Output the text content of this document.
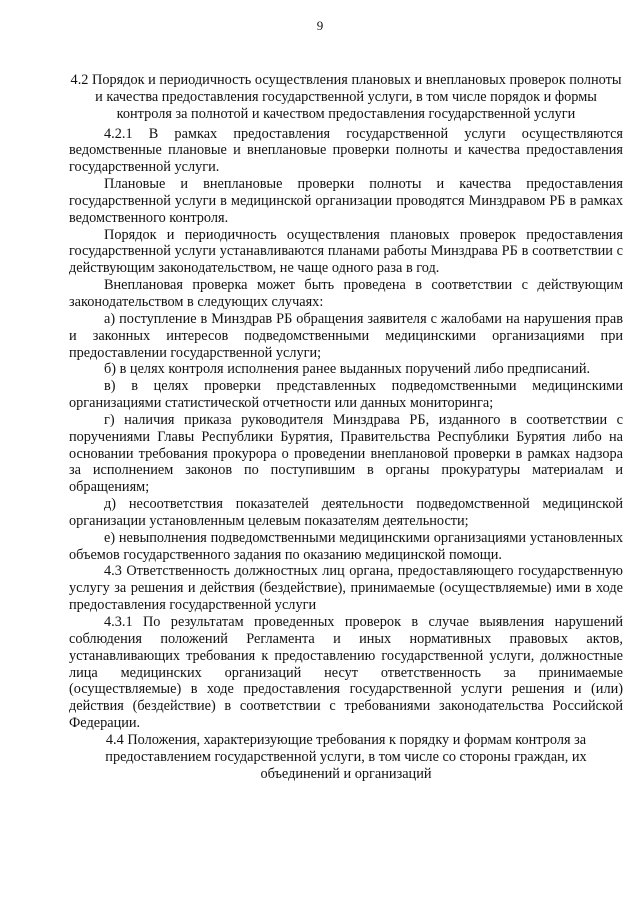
9

4.2 Порядок и периодичность осуществления плановых и внеплановых проверок полноты и качества предоставления государственной услуги, в том числе порядок и формы контроля за полнотой и качеством предоставления государственной услуги

4.2.1 В рамках предоставления государственной услуги осуществляются ведомственные плановые и внеплановые проверки полноты и качества предоставления государственной услуги.

Плановые и внеплановые проверки полноты и качества предоставления государственной услуги в медицинской организации проводятся Минздравом РБ в рамках ведомственного контроля.

Порядок и периодичность осуществления плановых проверок предоставления государственной услуги устанавливаются планами работы Минздрава РБ в соответствии с действующим законодательством, не чаще одного раза в год.

Внеплановая проверка может быть проведена в соответствии с действующим законодательством в следующих случаях:

а) поступление в Минздрав РБ обращения заявителя с жалобами на нарушения прав и законных интересов подведомственными медицинскими организациями при предоставлении государственной услуги;

б) в целях контроля исполнения ранее выданных поручений либо предписаний.

в) в целях проверки представленных подведомственными медицинскими организациями статистической отчетности или данных мониторинга;

г) наличия приказа руководителя Минздрава РБ, изданного в соответствии с поручениями Главы Республики Бурятия, Правительства Республики Бурятия либо на основании требования прокурора о проведении внеплановой проверки в рамках надзора за исполнением законов по поступившим в органы прокуратуры материалам и обращениям;

д) несоответствия показателей деятельности подведомственной медицинской организации установленным целевым показателям деятельности;

е) невыполнения подведомственными медицинскими организациями установленных объемов государственного задания по оказанию медицинской помощи.

4.3 Ответственность должностных лиц органа, предоставляющего государственную услугу за решения и действия (бездействие), принимаемые (осуществляемые) ими в ходе предоставления государственной услуги

4.3.1 По результатам проведенных проверок в случае выявления нарушений соблюдения положений Регламента и иных нормативных правовых актов, устанавливающих требования к предоставлению государственной услуги, должностные лица медицинских организаций несут ответственность за принимаемые (осуществляемые) в ходе предоставления государственной услуги решения и (или) действия (бездействие) в соответствии с требованиями законодательства Российской Федерации.

4.4 Положения, характеризующие требования к порядку и формам контроля за предоставлением государственной услуги, в том числе со стороны граждан, их объединений и организаций
